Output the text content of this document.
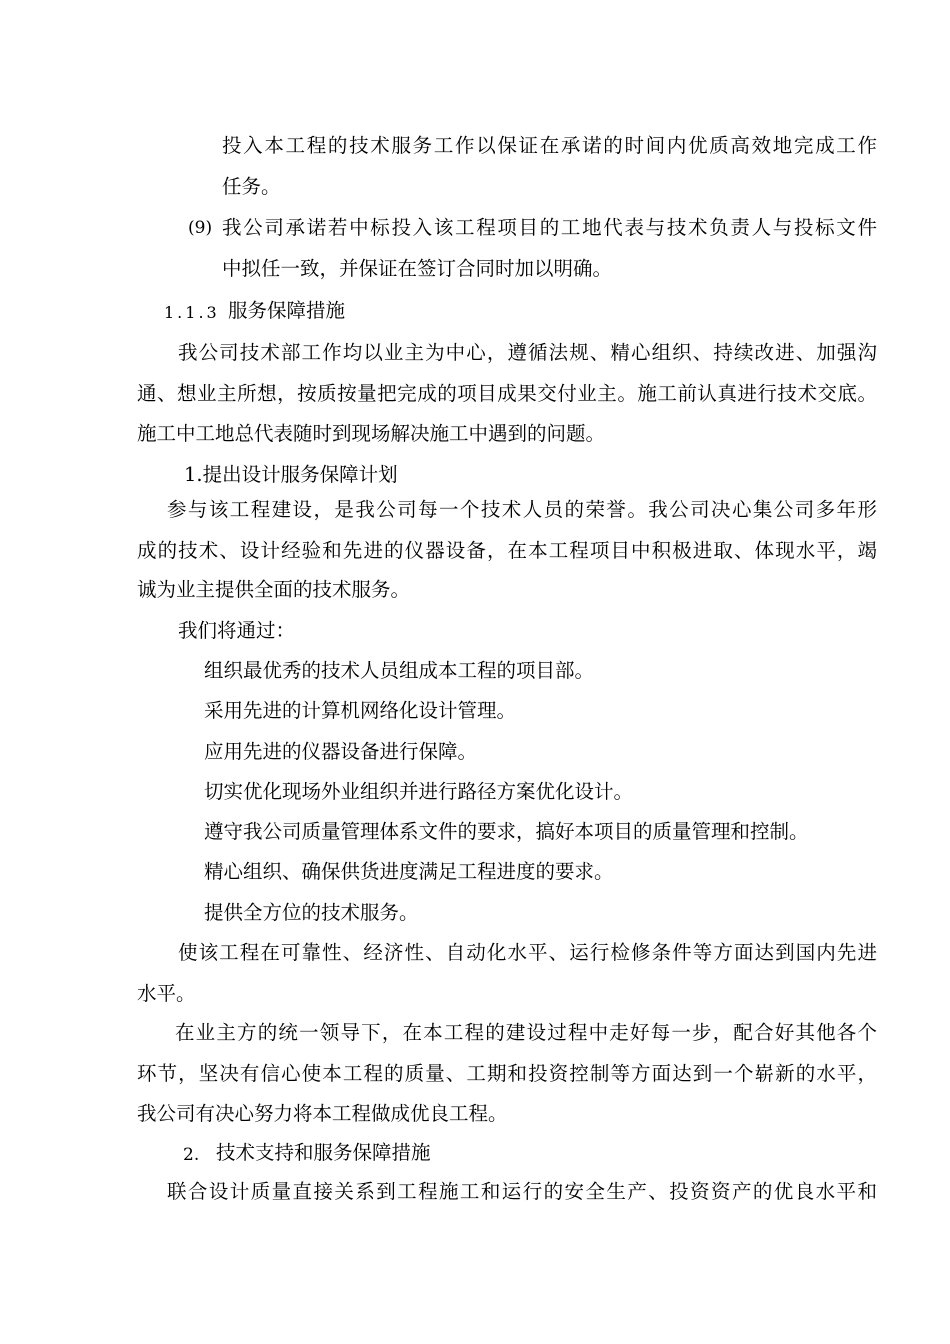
投入本工程的技术服务工作以保证在承诺的时间内优质高效地完成工作
任务。
(9) 我公司承诺若中标投入该工程项目的工地代表与技术负责人与投标文件
中拟任一致，并保证在签订合同时加以明确。
1.1.3 服务保障措施
我公司技术部工作均以业主为中心，遵循法规、精心组织、持续改进、加强沟
通、想业主所想，按质按量把完成的项目成果交付业主。施工前认真进行技术交底。
施工中工地总代表随时到现场解决施工中遇到的问题。
1.提出设计服务保障计划
参与该工程建设，是我公司每一个技术人员的荣誉。我公司决心集公司多年形
成的技术、设计经验和先进的仪器设备，在本工程项目中积极进取、体现水平，竭
诚为业主提供全面的技术服务。
我们将通过：
组织最优秀的技术人员组成本工程的项目部。
采用先进的计算机网络化设计管理。
应用先进的仪器设备进行保障。
切实优化现场外业组织并进行路径方案优化设计。
遵守我公司质量管理体系文件的要求，搞好本项目的质量管理和控制。
精心组织、确保供货进度满足工程进度的要求。
提供全方位的技术服务。
使该工程在可靠性、经济性、自动化水平、运行检修条件等方面达到国内先进
水平。
在业主方的统一领导下，在本工程的建设过程中走好每一步，配合好其他各个
环节，坚决有信心使本工程的质量、工期和投资控制等方面达到一个崭新的水平，
我公司有决心努力将本工程做成优良工程。
2. 技术支持和服务保障措施
联合设计质量直接关系到工程施工和运行的安全生产、投资资产的优良水平和
